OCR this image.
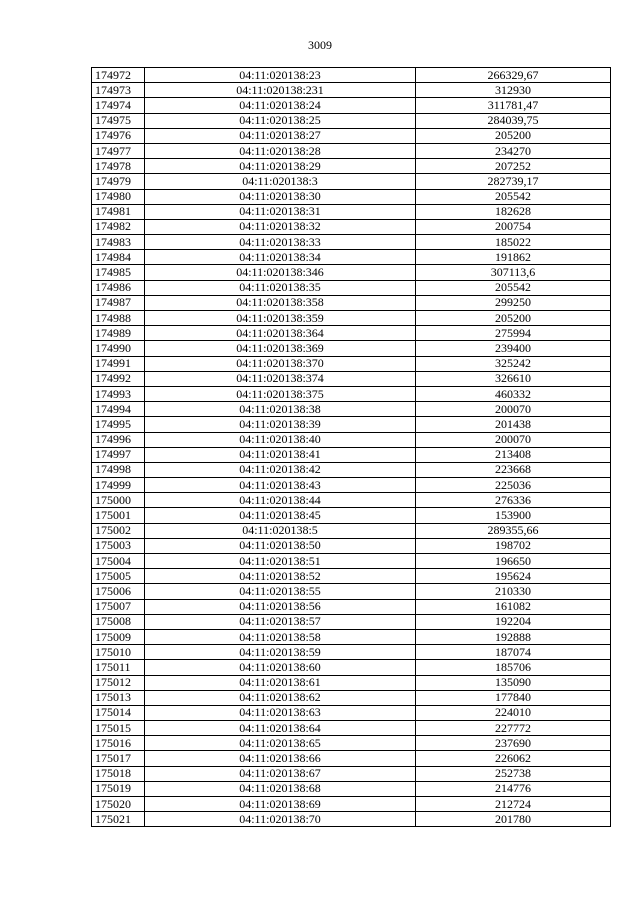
3009
174972	04:11:020138:23	266329,67
174973	04:11:020138:231	312930
174974	04:11:020138:24	311781,47
174975	04:11:020138:25	284039,75
174976	04:11:020138:27	205200
174977	04:11:020138:28	234270
174978	04:11:020138:29	207252
174979	04:11:020138:3	282739,17
174980	04:11:020138:30	205542
174981	04:11:020138:31	182628
174982	04:11:020138:32	200754
174983	04:11:020138:33	185022
174984	04:11:020138:34	191862
174985	04:11:020138:346	307113,6
174986	04:11:020138:35	205542
174987	04:11:020138:358	299250
174988	04:11:020138:359	205200
174989	04:11:020138:364	275994
174990	04:11:020138:369	239400
174991	04:11:020138:370	325242
174992	04:11:020138:374	326610
174993	04:11:020138:375	460332
174994	04:11:020138:38	200070
174995	04:11:020138:39	201438
174996	04:11:020138:40	200070
174997	04:11:020138:41	213408
174998	04:11:020138:42	223668
174999	04:11:020138:43	225036
175000	04:11:020138:44	276336
175001	04:11:020138:45	153900
175002	04:11:020138:5	289355,66
175003	04:11:020138:50	198702
175004	04:11:020138:51	196650
175005	04:11:020138:52	195624
175006	04:11:020138:55	210330
175007	04:11:020138:56	161082
175008	04:11:020138:57	192204
175009	04:11:020138:58	192888
175010	04:11:020138:59	187074
175011	04:11:020138:60	185706
175012	04:11:020138:61	135090
175013	04:11:020138:62	177840
175014	04:11:020138:63	224010
175015	04:11:020138:64	227772
175016	04:11:020138:65	237690
175017	04:11:020138:66	226062
175018	04:11:020138:67	252738
175019	04:11:020138:68	214776
175020	04:11:020138:69	212724
175021	04:11:020138:70	201780
